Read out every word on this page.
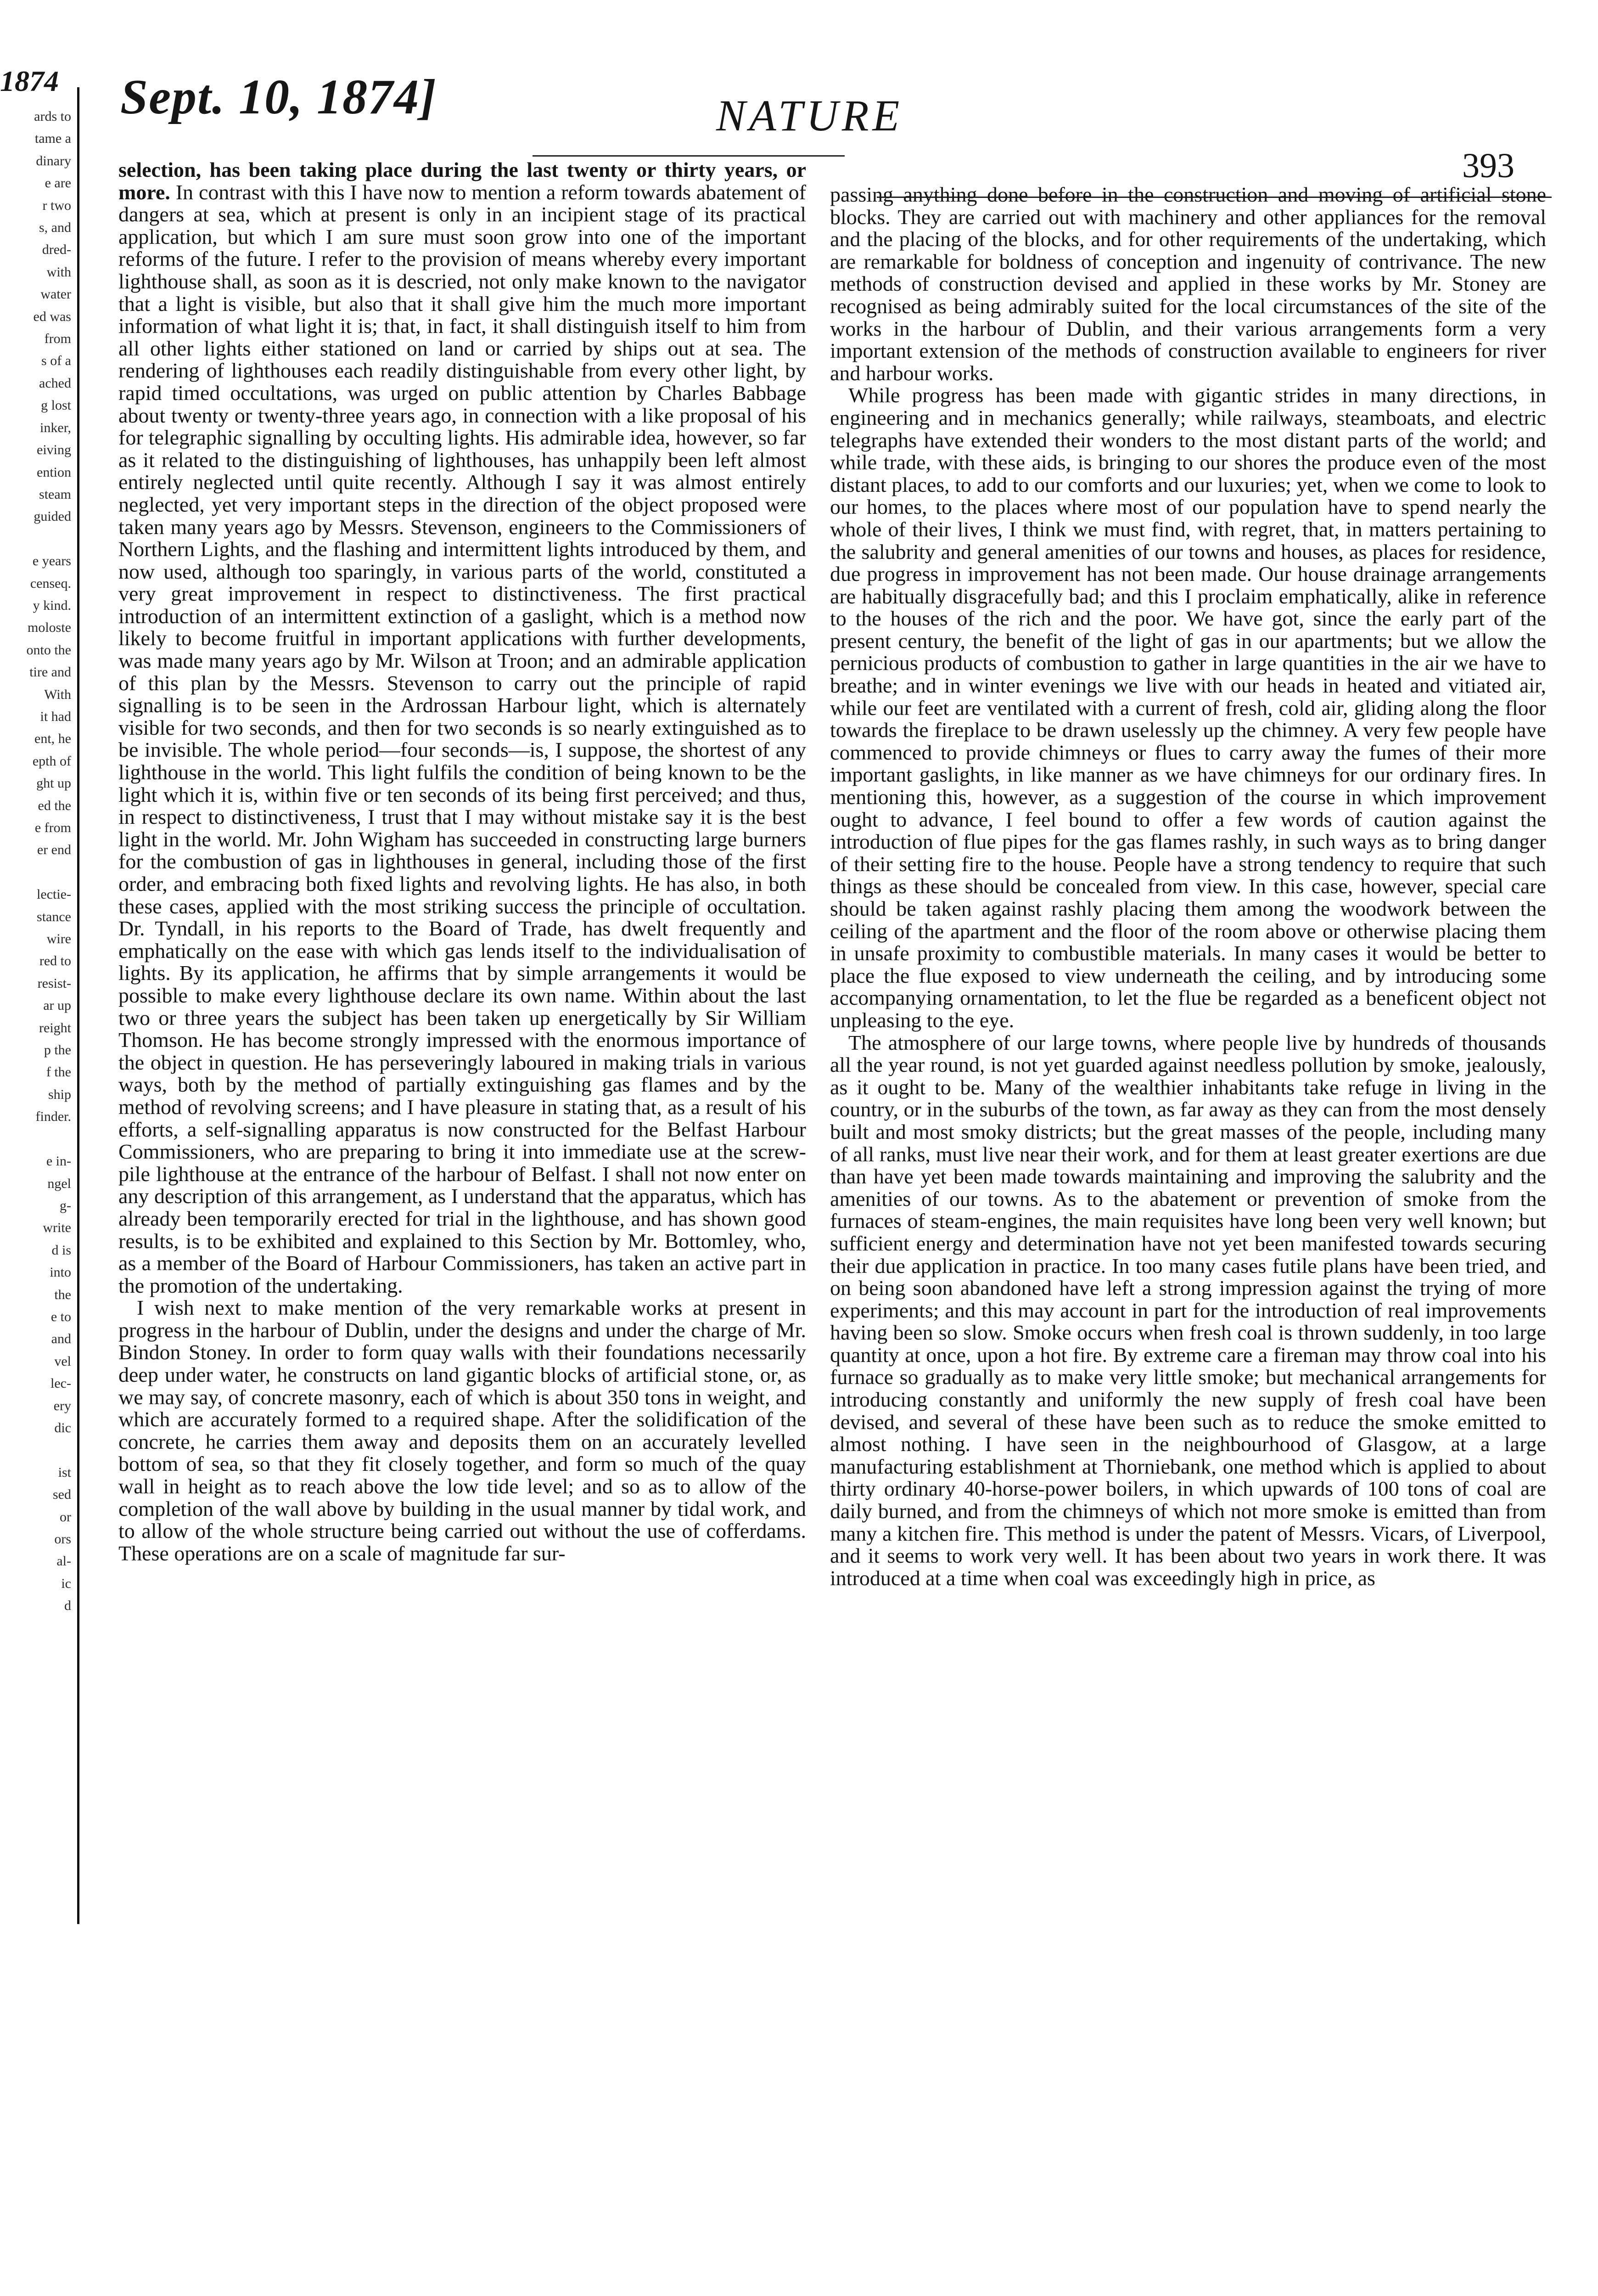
1874
ards to
tame a
dinary
e are
r two
s, and
dred-
with
water
ed was
from
s of a
ached
g lost
inker,
eiving
ention
steam
guided

e years
censeq.
y kind.
moloste
onto the
tire and
With
it had
ent, he
epth of
ght up
ed the
e from
er end

lectie-
stance
wire
red to
resist-
ar up
reight
p the
f the
ship
finder.

e in-
ngel
g-
write
d is
into
the
e to
and
vel
lec-
ery
dic

ist
sed
or
ors
al-
ic
d

Sept. 10, 1874]	NATURE
393

selection, has been taking place during the last twenty or thirty years, or more. In contrast with this I have now to mention a reform towards abatement of dangers at sea, which at present is only in an incipient stage of its practical application, but which I am sure must soon grow into one of the important reforms of the future. I refer to the provision of means whereby every important lighthouse shall, as soon as it is descried, not only make known to the navigator that a light is visible, but also that it shall give him the much more important information of what light it is; that, in fact, it shall distinguish itself to him from all other lights either stationed on land or carried by ships out at sea. The rendering of lighthouses each readily distinguishable from every other light, by rapid timed occultations, was urged on public attention by Charles Babbage about twenty or twenty-three years ago, in connection with a like proposal of his for telegraphic signalling by occulting lights. His admirable idea, however, so far as it related to the distinguishing of lighthouses, has unhappily been left almost entirely neglected until quite recently. Although I say it was almost entirely neglected, yet very important steps in the direction of the object proposed were taken many years ago by Messrs. Stevenson, engineers to the Commissioners of Northern Lights, and the flashing and intermittent lights introduced by them, and now used, although too sparingly, in various parts of the world, constituted a very great improvement in respect to distinctiveness. The first practical introduction of an intermittent extinction of a gaslight, which is a method now likely to become fruitful in important applications with further developments, was made many years ago by Mr. Wilson at Troon; and an admirable application of this plan by the Messrs. Stevenson to carry out the principle of rapid signalling is to be seen in the Ardrossan Harbour light, which is alternately visible for two seconds, and then for two seconds is so nearly extinguished as to be invisible. The whole period—four seconds—is, I suppose, the shortest of any lighthouse in the world. This light fulfils the condition of being known to be the light which it is, within five or ten seconds of its being first perceived; and thus, in respect to distinctiveness, I trust that I may without mistake say it is the best light in the world. Mr. John Wigham has succeeded in constructing large burners for the combustion of gas in lighthouses in general, including those of the first order, and embracing both fixed lights and revolving lights. He has also, in both these cases, applied with the most striking success the principle of occultation. Dr. Tyndall, in his reports to the Board of Trade, has dwelt frequently and emphatically on the ease with which gas lends itself to the individualisation of lights. By its application, he affirms that by simple arrangements it would be possible to make every lighthouse declare its own name. Within about the last two or three years the subject has been taken up energetically by Sir William Thomson. He has become strongly impressed with the enormous importance of the object in question. He has perseveringly laboured in making trials in various ways, both by the method of partially extinguishing gas flames and by the method of revolving screens; and I have pleasure in stating that, as a result of his efforts, a self-signalling apparatus is now constructed for the Belfast Harbour Commissioners, who are preparing to bring it into immediate use at the screw-pile lighthouse at the entrance of the harbour of Belfast. I shall not now enter on any description of this arrangement, as I understand that the apparatus, which has already been temporarily erected for trial in the lighthouse, and has shown good results, is to be exhibited and explained to this Section by Mr. Bottomley, who, as a member of the Board of Harbour Commissioners, has taken an active part in the promotion of the undertaking.

I wish next to make mention of the very remarkable works at present in progress in the harbour of Dublin, under the designs and under the charge of Mr. Bindon Stoney. In order to form quay walls with their foundations necessarily deep under water, he constructs on land gigantic blocks of artificial stone, or, as we may say, of concrete masonry, each of which is about 350 tons in weight, and which are accurately formed to a required shape. After the solidification of the concrete, he carries them away and deposits them on an accurately levelled bottom of sea, so that they fit closely together, and form so much of the quay wall in height as to reach above the low tide level; and so as to allow of the completion of the wall above by building in the usual manner by tidal work, and to allow of the whole structure being carried out without the use of cofferdams. These operations are on a scale of magnitude far sur-

passing anything done before in the construction and moving of artificial stone blocks. They are carried out with machinery and other appliances for the removal and the placing of the blocks, and for other requirements of the undertaking, which are remarkable for boldness of conception and ingenuity of contrivance. The new methods of construction devised and applied in these works by Mr. Stoney are recognised as being admirably suited for the local circumstances of the site of the works in the harbour of Dublin, and their various arrangements form a very important extension of the methods of construction available to engineers for river and harbour works.

While progress has been made with gigantic strides in many directions, in engineering and in mechanics generally; while railways, steamboats, and electric telegraphs have extended their wonders to the most distant parts of the world; and while trade, with these aids, is bringing to our shores the produce even of the most distant places, to add to our comforts and our luxuries; yet, when we come to look to our homes, to the places where most of our population have to spend nearly the whole of their lives, I think we must find, with regret, that, in matters pertaining to the salubrity and general amenities of our towns and houses, as places for residence, due progress in improvement has not been made. Our house drainage arrangements are habitually disgracefully bad; and this I proclaim emphatically, alike in reference to the houses of the rich and the poor. We have got, since the early part of the present century, the benefit of the light of gas in our apartments; but we allow the pernicious products of combustion to gather in large quantities in the air we have to breathe; and in winter evenings we live with our heads in heated and vitiated air, while our feet are ventilated with a current of fresh, cold air, gliding along the floor towards the fireplace to be drawn uselessly up the chimney. A very few people have commenced to provide chimneys or flues to carry away the fumes of their more important gaslights, in like manner as we have chimneys for our ordinary fires. In mentioning this, however, as a suggestion of the course in which improvement ought to advance, I feel bound to offer a few words of caution against the introduction of flue pipes for the gas flames rashly, in such ways as to bring danger of their setting fire to the house. People have a strong tendency to require that such things as these should be concealed from view. In this case, however, special care should be taken against rashly placing them among the woodwork between the ceiling of the apartment and the floor of the room above or otherwise placing them in unsafe proximity to combustible materials. In many cases it would be better to place the flue exposed to view underneath the ceiling, and by introducing some accompanying ornamentation, to let the flue be regarded as a beneficent object not unpleasing to the eye.

The atmosphere of our large towns, where people live by hundreds of thousands all the year round, is not yet guarded against needless pollution by smoke, jealously, as it ought to be. Many of the wealthier inhabitants take refuge in living in the country, or in the suburbs of the town, as far away as they can from the most densely built and most smoky districts; but the great masses of the people, including many of all ranks, must live near their work, and for them at least greater exertions are due than have yet been made towards maintaining and improving the salubrity and the amenities of our towns. As to the abatement or prevention of smoke from the furnaces of steam-engines, the main requisites have long been very well known; but sufficient energy and determination have not yet been manifested towards securing their due application in practice. In too many cases futile plans have been tried, and on being soon abandoned have left a strong impression against the trying of more experiments; and this may account in part for the introduction of real improvements having been so slow. Smoke occurs when fresh coal is thrown suddenly, in too large quantity at once, upon a hot fire. By extreme care a fireman may throw coal into his furnace so gradually as to make very little smoke; but mechanical arrangements for introducing constantly and uniformly the new supply of fresh coal have been devised, and several of these have been such as to reduce the smoke emitted to almost nothing. I have seen in the neighbourhood of Glasgow, at a large manufacturing establishment at Thorniebank, one method which is applied to about thirty ordinary 40-horse-power boilers, in which upwards of 100 tons of coal are daily burned, and from the chimneys of which not more smoke is emitted than from many a kitchen fire. This method is under the patent of Messrs. Vicars, of Liverpool, and it seems to work very well. It has been about two years in work there. It was introduced at a time when coal was exceedingly high in price, as
